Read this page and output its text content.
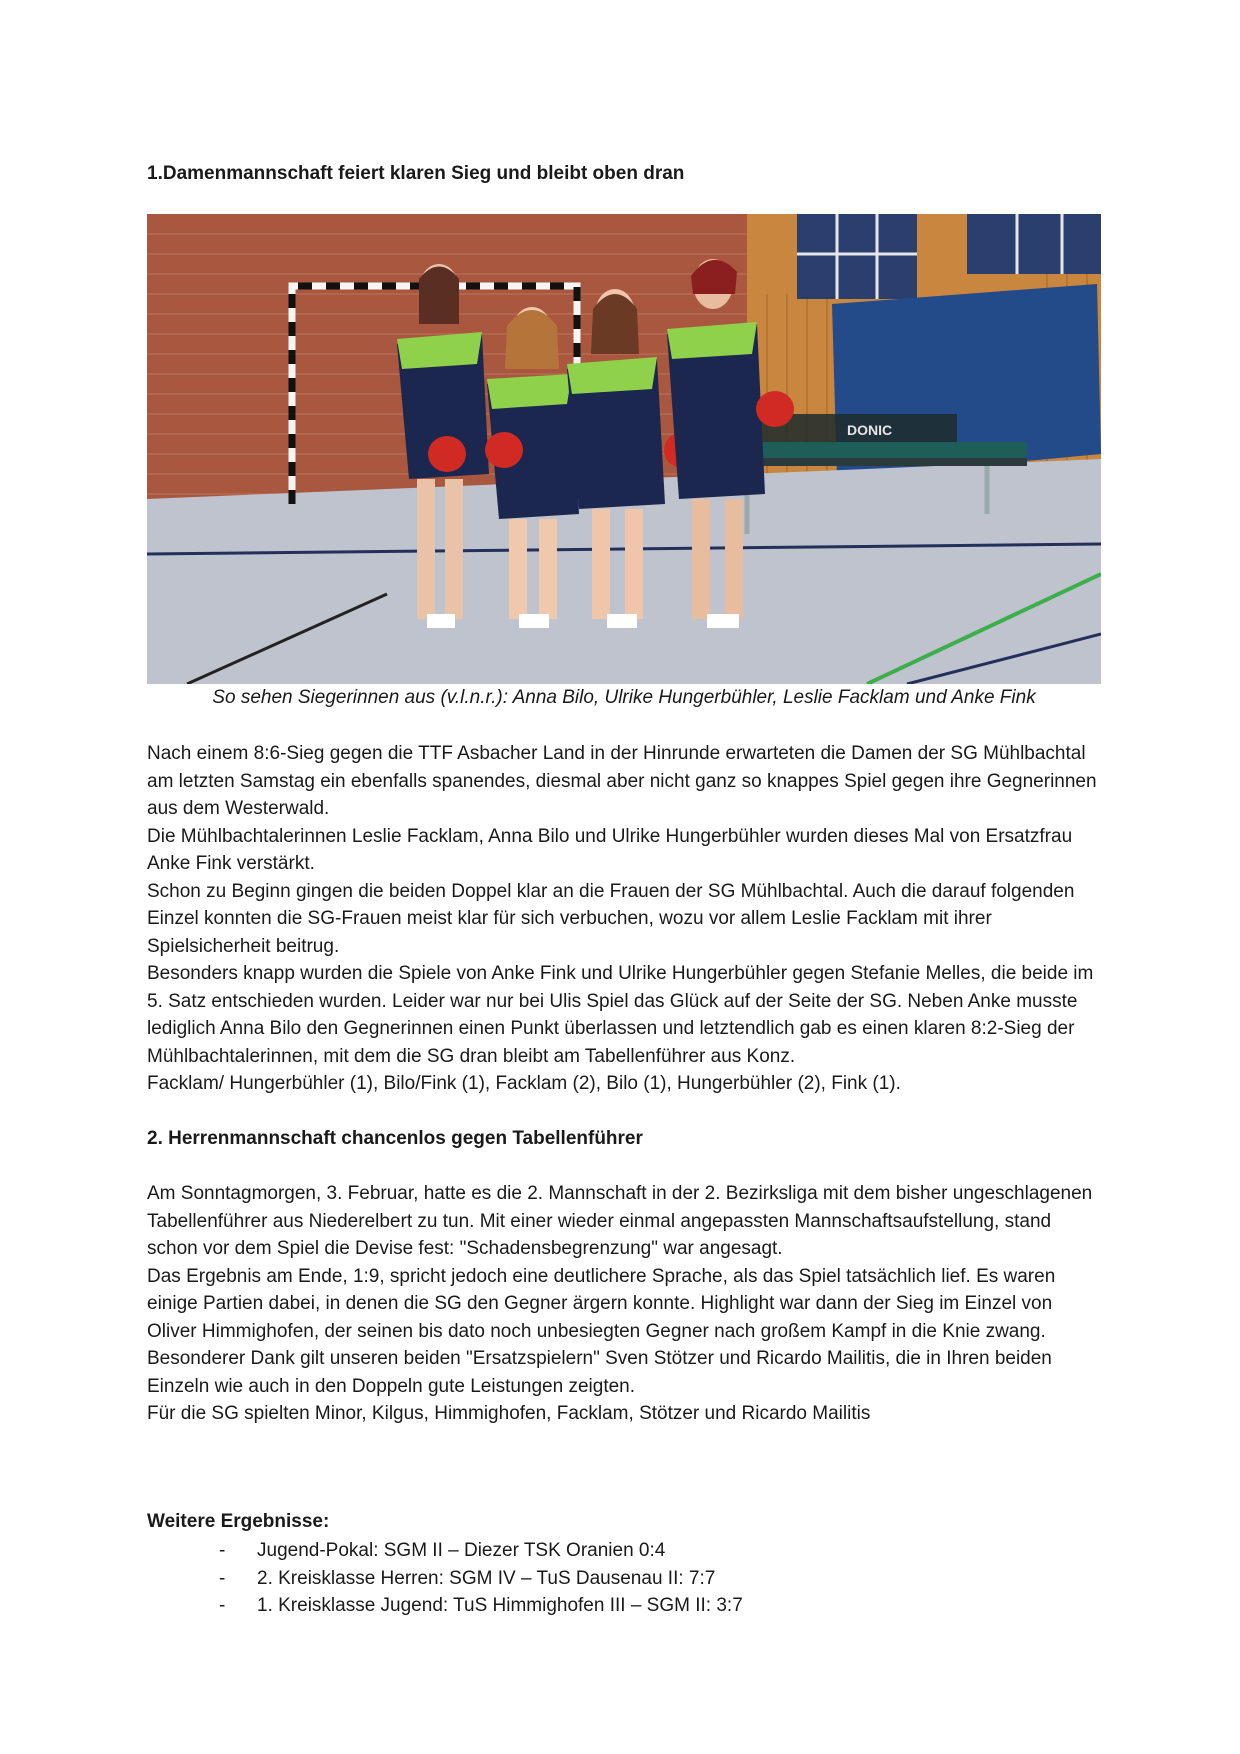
1.Damenmannschaft feiert klaren Sieg und bleibt oben dran
DONIC
So sehen Siegerinnen aus (v.l.n.r.): Anna Bilo, Ulrike Hungerbühler, Leslie Facklam und Anke Fink

Nach einem 8:6-Sieg gegen die TTF Asbacher Land in der Hinrunde erwarteten die Damen der SG Mühlbachtal am letzten Samstag ein ebenfalls spanendes, diesmal aber nicht ganz so knappes Spiel gegen ihre Gegnerinnen aus dem Westerwald.

Die Mühlbachtalerinnen Leslie Facklam, Anna Bilo und Ulrike Hungerbühler wurden dieses Mal von Ersatzfrau Anke Fink verstärkt.

Schon zu Beginn gingen die beiden Doppel klar an die Frauen der SG Mühlbachtal. Auch die darauf folgenden Einzel konnten die SG-Frauen meist klar für sich verbuchen, wozu vor allem Leslie Facklam mit ihrer Spielsicherheit beitrug.

Besonders knapp wurden die Spiele von Anke Fink und Ulrike Hungerbühler gegen Stefanie Melles, die beide im 5. Satz entschieden wurden. Leider war nur bei Ulis Spiel das Glück auf der Seite der SG. Neben Anke musste lediglich Anna Bilo den Gegnerinnen einen Punkt überlassen und letztendlich gab es einen klaren 8:2-Sieg der Mühlbachtalerinnen, mit dem die SG dran bleibt am Tabellenführer aus Konz.

Facklam/ Hungerbühler (1), Bilo/Fink (1), Facklam (2), Bilo (1), Hungerbühler (2), Fink (1).

2. Herrenmannschaft chancenlos gegen Tabellenführer

Am Sonntagmorgen, 3. Februar, hatte es die 2. Mannschaft in der 2. Bezirksliga mit dem bisher ungeschlagenen Tabellenführer aus Niederelbert zu tun. Mit einer wieder einmal angepassten Mannschaftsaufstellung, stand schon vor dem Spiel die Devise fest: "Schadensbegrenzung" war angesagt.

Das Ergebnis am Ende, 1:9, spricht jedoch eine deutlichere Sprache, als das Spiel tatsächlich lief. Es waren einige Partien dabei, in denen die SG den Gegner ärgern konnte. Highlight war dann der Sieg im Einzel von Oliver Himmighofen, der seinen bis dato noch unbesiegten Gegner nach großem Kampf in die Knie zwang.

Besonderer Dank gilt unseren beiden "Ersatzspielern" Sven Stötzer und Ricardo Mailitis, die in Ihren beiden Einzeln wie auch in den Doppeln gute Leistungen zeigten.

Für die SG spielten Minor, Kilgus, Himmighofen, Facklam, Stötzer und Ricardo Mailitis

Weitere Ergebnisse:
- Jugend-Pokal: SGM II – Diezer TSK Oranien 0:4
- 2. Kreisklasse Herren: SGM IV – TuS Dausenau II: 7:7
- 1. Kreisklasse Jugend: TuS Himmighofen III – SGM II: 3:7
